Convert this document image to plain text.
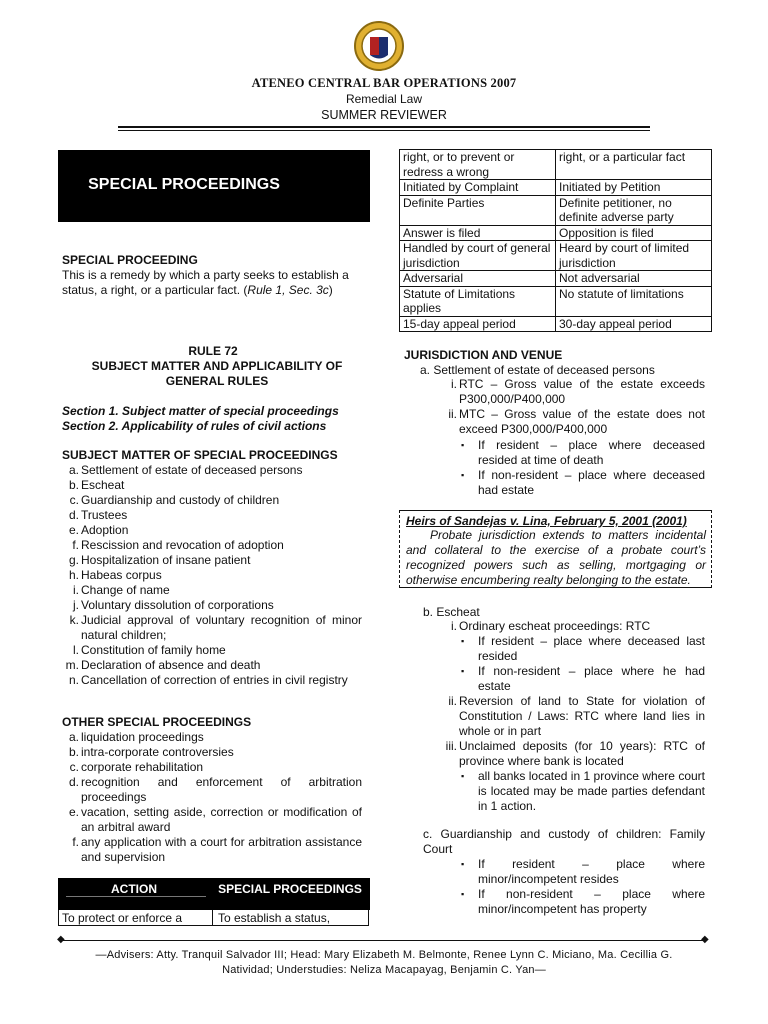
ATENEO CENTRAL BAR OPERATIONS 2007
Remedial Law
SUMMER REVIEWER
SPECIAL PROCEEDINGS
SPECIAL PROCEEDING
This is a remedy by which a party seeks to establish a status, a right, or a particular fact. (Rule 1, Sec. 3c)
RULE 72
SUBJECT MATTER AND APPLICABILITY OF GENERAL RULES
Section 1. Subject matter of special proceedings
Section 2. Applicability of rules of civil actions
SUBJECT MATTER OF SPECIAL PROCEEDINGS
a. Settlement of estate of deceased persons
b. Escheat
c. Guardianship and custody of children
d. Trustees
e. Adoption
f. Rescission and revocation of adoption
g. Hospitalization of insane patient
h. Habeas corpus
i. Change of name
j. Voluntary dissolution of corporations
k. Judicial approval of voluntary recognition of minor natural children;
l. Constitution of family home
m. Declaration of absence and death
n. Cancellation of correction of entries in civil registry
OTHER SPECIAL PROCEEDINGS
a. liquidation proceedings
b. intra-corporate controversies
c. corporate rehabilitation
d. recognition and enforcement of arbitration proceedings
e. vacation, setting aside, correction or modification of an arbitral award
f. any application with a court for arbitration assistance and supervision
ACTION	SPECIAL PROCEEDINGS
To protect or enforce a	To establish a status,
right, or to prevent or redress a wrong	right, or a particular fact
Initiated by Complaint	Initiated by Petition
Definite Parties	Definite petitioner, no definite adverse party
Answer is filed	Opposition is filed
Handled by court of general jurisdiction	Heard by court of limited jurisdiction
Adversarial	Not adversarial
Statute of Limitations applies	No statute of limitations
15-day appeal period	30-day appeal period
JURISDICTION AND VENUE
a. Settlement of estate of deceased persons
i. RTC – Gross value of the estate exceeds P300,000/P400,000
ii. MTC – Gross value of the estate does not exceed P300,000/P400,000
▪ If resident – place where deceased resided at time of death
▪ If non-resident – place where deceased had estate
Heirs of Sandejas v. Lina, February 5, 2001 (2001)
Probate jurisdiction extends to matters incidental and collateral to the exercise of a probate court’s recognized powers such as selling, mortgaging or otherwise encumbering realty belonging to the estate.
b. Escheat
i. Ordinary escheat proceedings: RTC
▪ If resident – place where deceased last resided
▪ If non-resident – place where he had estate
ii. Reversion of land to State for violation of Constitution / Laws: RTC where land lies in whole or in part
iii. Unclaimed deposits (for 10 years): RTC of province where bank is located
▪ all banks located in 1 province where court is located may be made parties defendant in 1 action.
c. Guardianship and custody of children: Family Court
▪ If resident – place where minor/incompetent resides
▪ If non-resident – place where minor/incompetent has property
◆	◆
—Advisers: Atty. Tranquil Salvador III; Head: Mary Elizabeth M. Belmonte, Renee Lynn C. Miciano, Ma. Cecillia G.
Natividad; Understudies: Neliza Macapayag, Benjamin C. Yan—
